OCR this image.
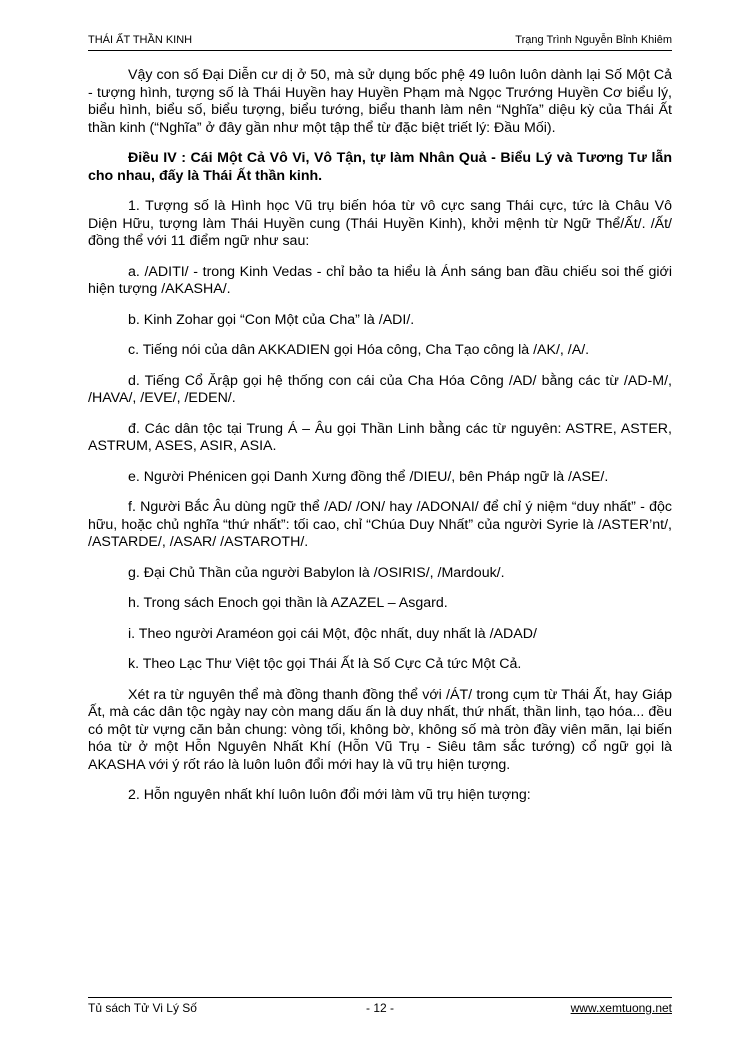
THÁI ẤT THẦN KINH	Trạng Trình Nguyễn Bỉnh Khiêm

Vậy con số Đại Diễn cư dị ở 50, mà sử dụng bốc phệ 49 luôn luôn dành lại Số Một Cả - tượng hình, tượng số là Thái Huyền hay Huyền Phạm mà Ngọc Trướng Huyền Cơ biểu lý, biểu hình, biểu số, biểu tượng, biểu tướng, biểu thanh làm nên “Nghĩa” diệu kỳ của Thái Ất thần kinh (“Nghĩa” ở đây gần như một tập thể từ đặc biệt triết lý: Đầu Mối).

Điều IV : Cái Một Cả Vô Vi, Vô Tận, tự làm Nhân Quả - Biểu Lý và Tương Tư lẫn cho nhau, đấy là Thái Ất thần kinh.

1. Tượng số là Hình học Vũ trụ biến hóa từ vô cực sang Thái cực, tức là Châu Vô Diện Hữu, tượng làm Thái Huyền cung (Thái Huyền Kinh), khởi mệnh từ Ngữ Thể/Ất/. /Ất/ đồng thể với 11 điểm ngữ như sau:

a. /ADITI/ - trong Kinh Vedas - chỉ bảo ta hiểu là Ánh sáng ban đầu chiếu soi thế giới hiện tượng /AKASHA/.

b. Kinh Zohar gọi “Con Một của Cha” là /ADI/.

c. Tiếng nói của dân AKKADIEN gọi Hóa công, Cha Tạo công là /AK/, /A/.

d. Tiếng Cổ Ărập gọi hệ thống con cái của Cha Hóa Công /AD/ bằng các từ /AD-M/, /HAVA/, /EVE/, /EDEN/.

đ. Các dân tộc tại Trung Á – Âu gọi Thần Linh bằng các từ nguyên: ASTRE, ASTER, ASTRUM, ASES, ASIR, ASIA.

e. Người Phénicen gọi Danh Xưng đồng thể /DIEU/, bên Pháp ngữ là /ASE/.

f. Người Bắc Âu dùng ngữ thể /AD/ /ON/ hay /ADONAI/ để chỉ ý niệm “duy nhất” - độc hữu, hoặc chủ nghĩa “thứ nhất”: tối cao, chỉ “Chúa Duy Nhất” của người Syrie là /ASTER’nt/, /ASTARDE/, /ASAR/ /ASTAROTH/.

g. Đại Chủ Thần của người Babylon là /OSIRIS/, /Mardouk/.

h. Trong sách Enoch gọi thần là AZAZEL – Asgard.

i. Theo người Araméon gọi cái Một, độc nhất, duy nhất là /ADAD/

k. Theo Lạc Thư Việt tộc gọi Thái Ất là Số Cực Cả tức Một Cả.

Xét ra từ nguyên thể mà đồng thanh đồng thể với /ÁT/ trong cụm từ Thái Ất, hay Giáp Ất, mà các dân tộc ngày nay còn mang dấu ấn là duy nhất, thứ nhất, thần linh, tạo hóa... đều có một từ vựng căn bản chung: vòng tối, không bờ, không số mà tròn đầy viên mãn, lại biến hóa từ ở một Hỗn Nguyên Nhất Khí (Hỗn Vũ Trụ - Siêu tâm sắc tướng) cổ ngữ gọi là AKASHA với ý rốt ráo là luôn luôn đổi mới hay là vũ trụ hiện tượng.

2. Hỗn nguyên nhất khí luôn luôn đổi mới làm vũ trụ hiện tượng:

Tủ sách Tử Vi Lý Số	- 12 -	www.xemtuong.net
